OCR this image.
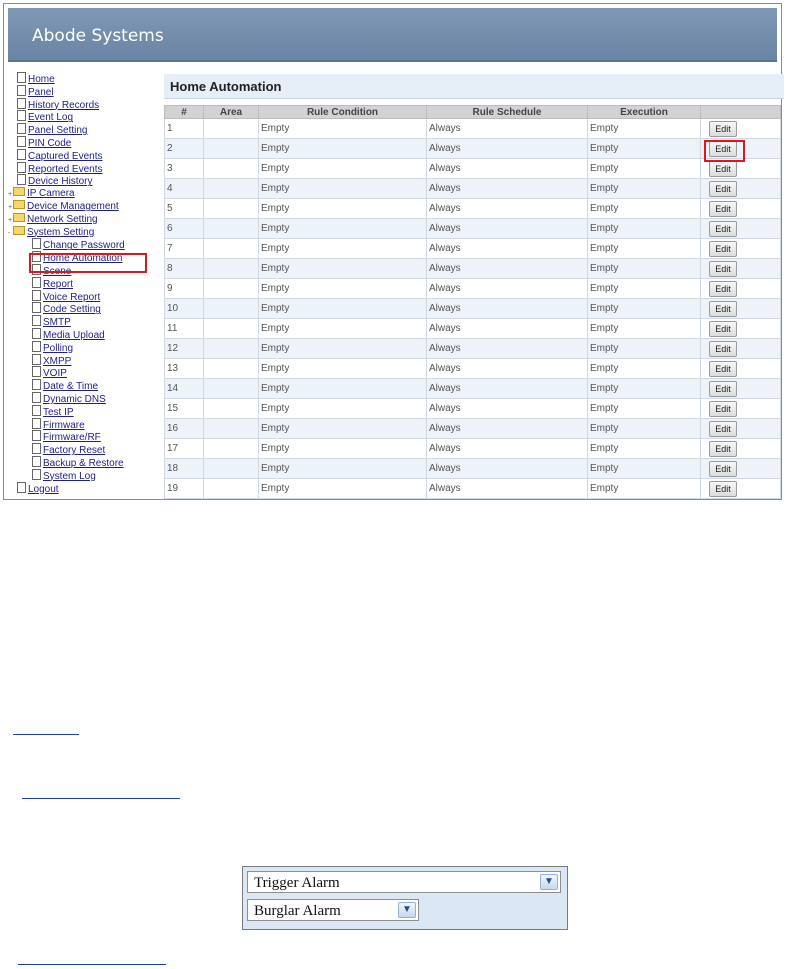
Abode Systems
Home
Panel
History Records
Event Log
Panel Setting
PIN Code
Captured Events
Reported Events
Device History
+ IP Camera
+ Device Management
+ Network Setting
- System Setting
Change Password
Home Automation
Scene
Report
Voice Report
Code Setting
SMTP
Media Upload
Polling
XMPP
VOIP
Date & Time
Dynamic DNS
Test IP
Firmware
Firmware/RF
Factory Reset
Backup & Restore
System Log
Logout
Home Automation
#	Area	Rule Condition	Rule Schedule	Execution	
1		Empty	Always	Empty	Edit
2		Empty	Always	Empty	Edit
3		Empty	Always	Empty	Edit
4		Empty	Always	Empty	Edit
5		Empty	Always	Empty	Edit
6		Empty	Always	Empty	Edit
7		Empty	Always	Empty	Edit
8		Empty	Always	Empty	Edit
9		Empty	Always	Empty	Edit
10		Empty	Always	Empty	Edit
11		Empty	Always	Empty	Edit
12		Empty	Always	Empty	Edit
13		Empty	Always	Empty	Edit
14		Empty	Always	Empty	Edit
15		Empty	Always	Empty	Edit
16		Empty	Always	Empty	Edit
17		Empty	Always	Empty	Edit
18		Empty	Always	Empty	Edit
19		Empty	Always	Empty	Edit
Trigger Alarm	▼
Burglar Alarm	▼
